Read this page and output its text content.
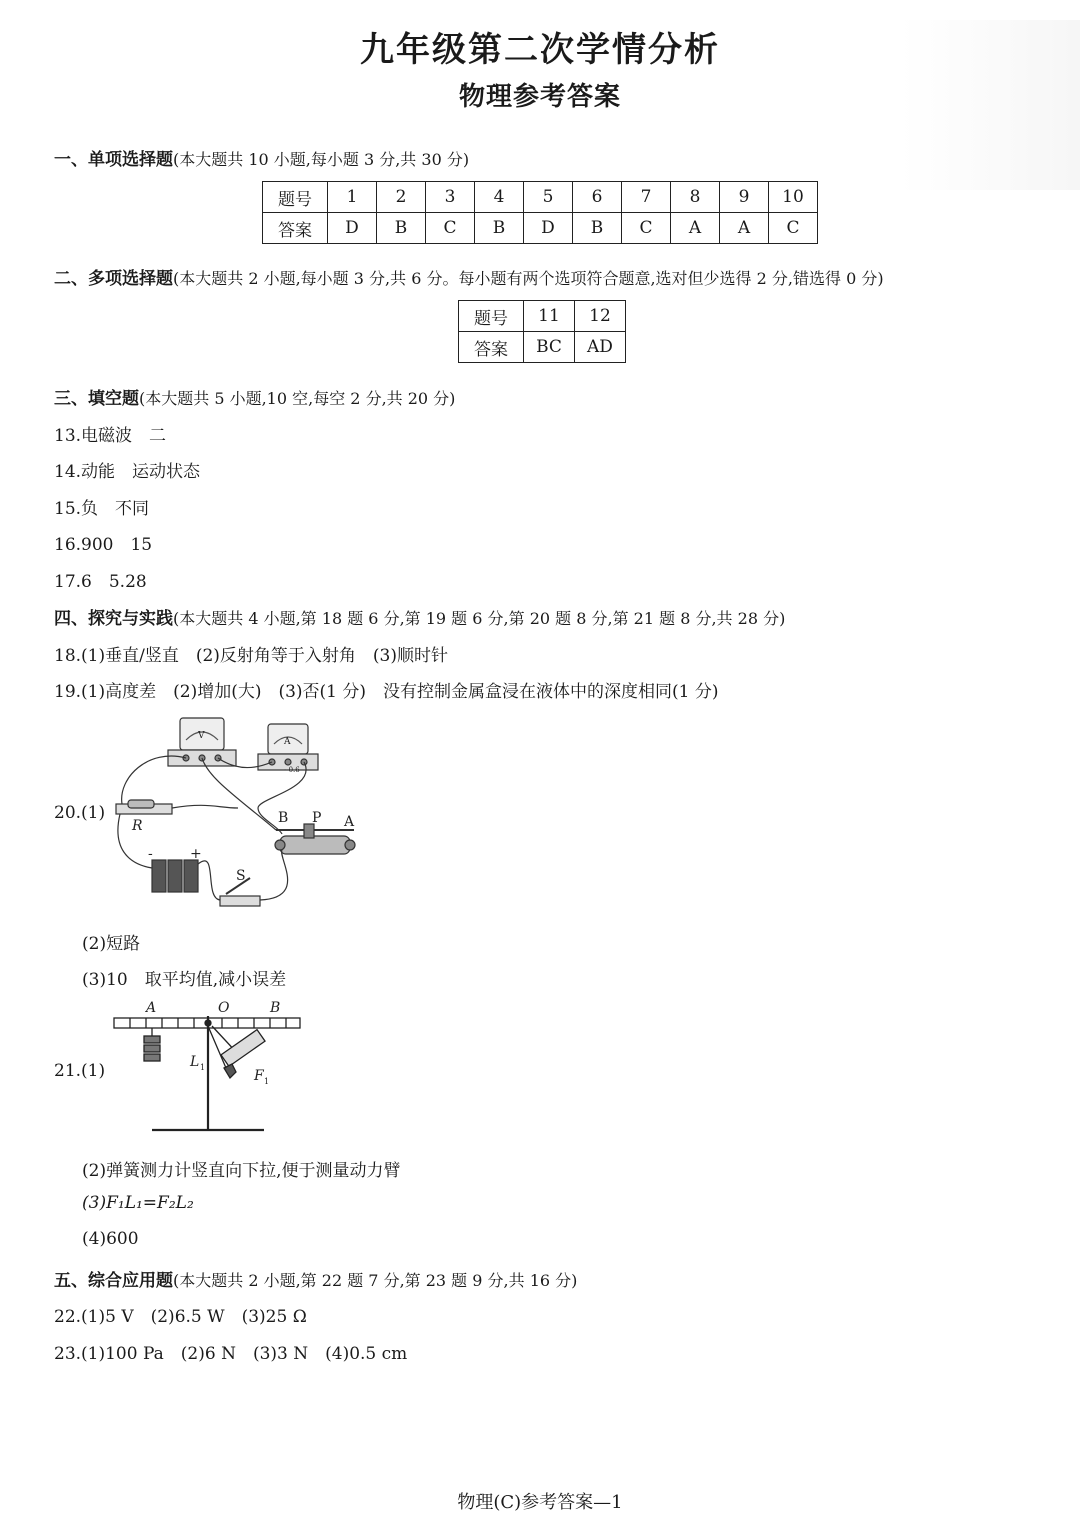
九年级第二次学情分析
物理参考答案
一、单项选择题(本大题共 10 小题,每小题 3 分,共 30 分)
题号	1	2	3	4	5	6	7	8	9	10
答案	D	B	C	B	D	B	C	A	A	C
二、多项选择题(本大题共 2 小题,每小题 3 分,共 6 分。每小题有两个选项符合题意,选对但少选得 2 分,错选得 0 分)
题号	11	12
答案	BC	AD
三、填空题(本大题共 5 小题,10 空,每空 2 分,共 20 分)
13.电磁波　二
14.动能　运动状态
15.负　不同
16.900　15
17.6　5.28
四、探究与实践(本大题共 4 小题,第 18 题 6 分,第 19 题 6 分,第 20 题 8 分,第 21 题 8 分,共 28 分)
18.(1)垂直/竖直　(2)反射角等于入射角　(3)顺时针
19.(1)高度差　(2)增加(大)　(3)否(1 分)　没有控制金属盒浸在液体中的深度相同(1 分)
20.(1)
V
A
- 0.6
R	B P A
S
-	+
(2)短路
(3)10　取平均值,减小误差
21.(1)
A	O	B
L 1
F 1
(2)弹簧测力计竖直向下拉,便于测量动力臂
(3)F₁L₁=F₂L₂
(4)600
五、综合应用题(本大题共 2 小题,第 22 题 7 分,第 23 题 9 分,共 16 分)
22.(1)5 V　(2)6.5 W　(3)25 Ω
23.(1)100 Pa　(2)6 N　(3)3 N　(4)0.5 cm
物理(C)参考答案—1
